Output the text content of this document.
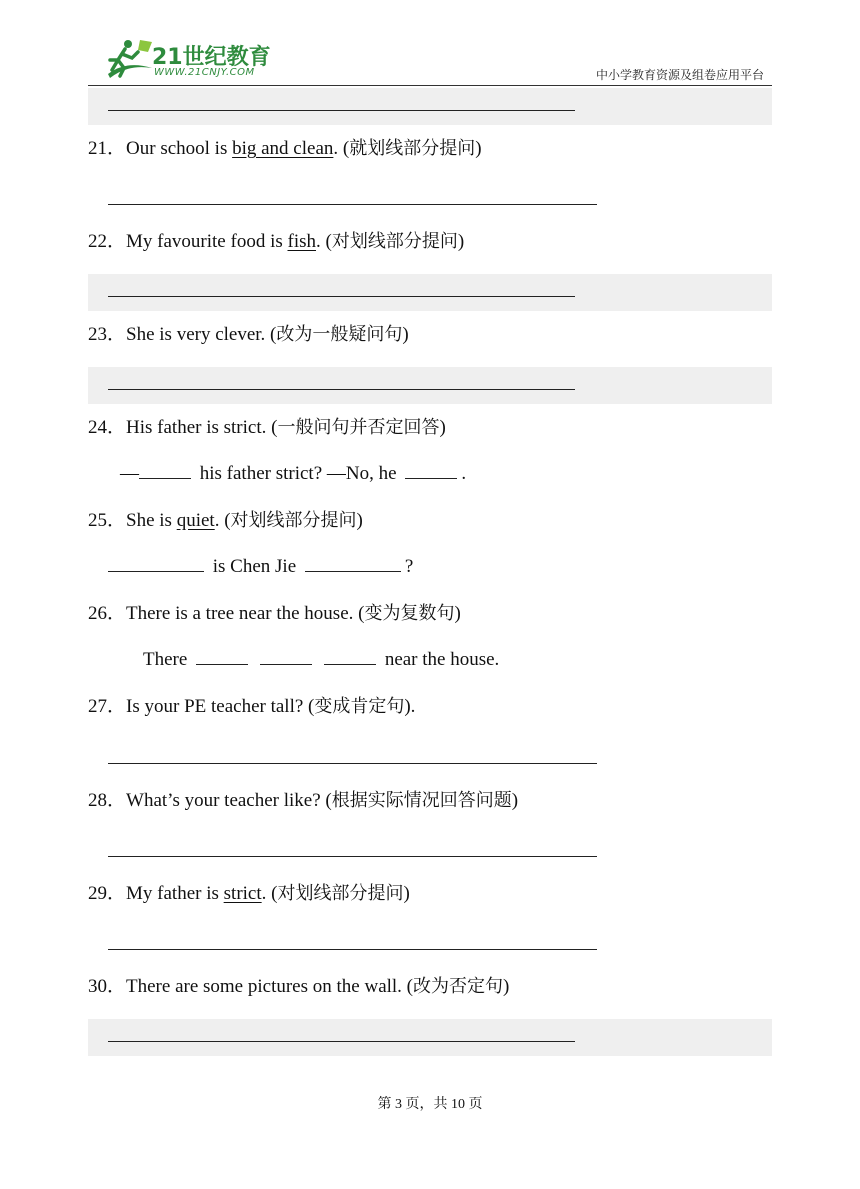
21世纪教育
WWW.21CNJY.COM	中小学教育资源及组卷应用平台
21．Our school is big and clean. (就划线部分提问)
22．My favourite food is fish. (对划线部分提问)
23．She is very clever. (改为一般疑问句)
24．His father is strict. (一般问句并否定回答)
—	his father strict? —No, he	.
25．She is quiet. (对划线部分提问)
is Chen Jie	?
26．There is a tree near the house. (变为复数句)
There	near the house.
27．Is your PE teacher tall? (变成肯定句).
28．What’s your teacher like? (根据实际情况回答问题)
29．My father is strict. (对划线部分提问)
30．There are some pictures on the wall. (改为否定句)
第 3 页，共 10 页
